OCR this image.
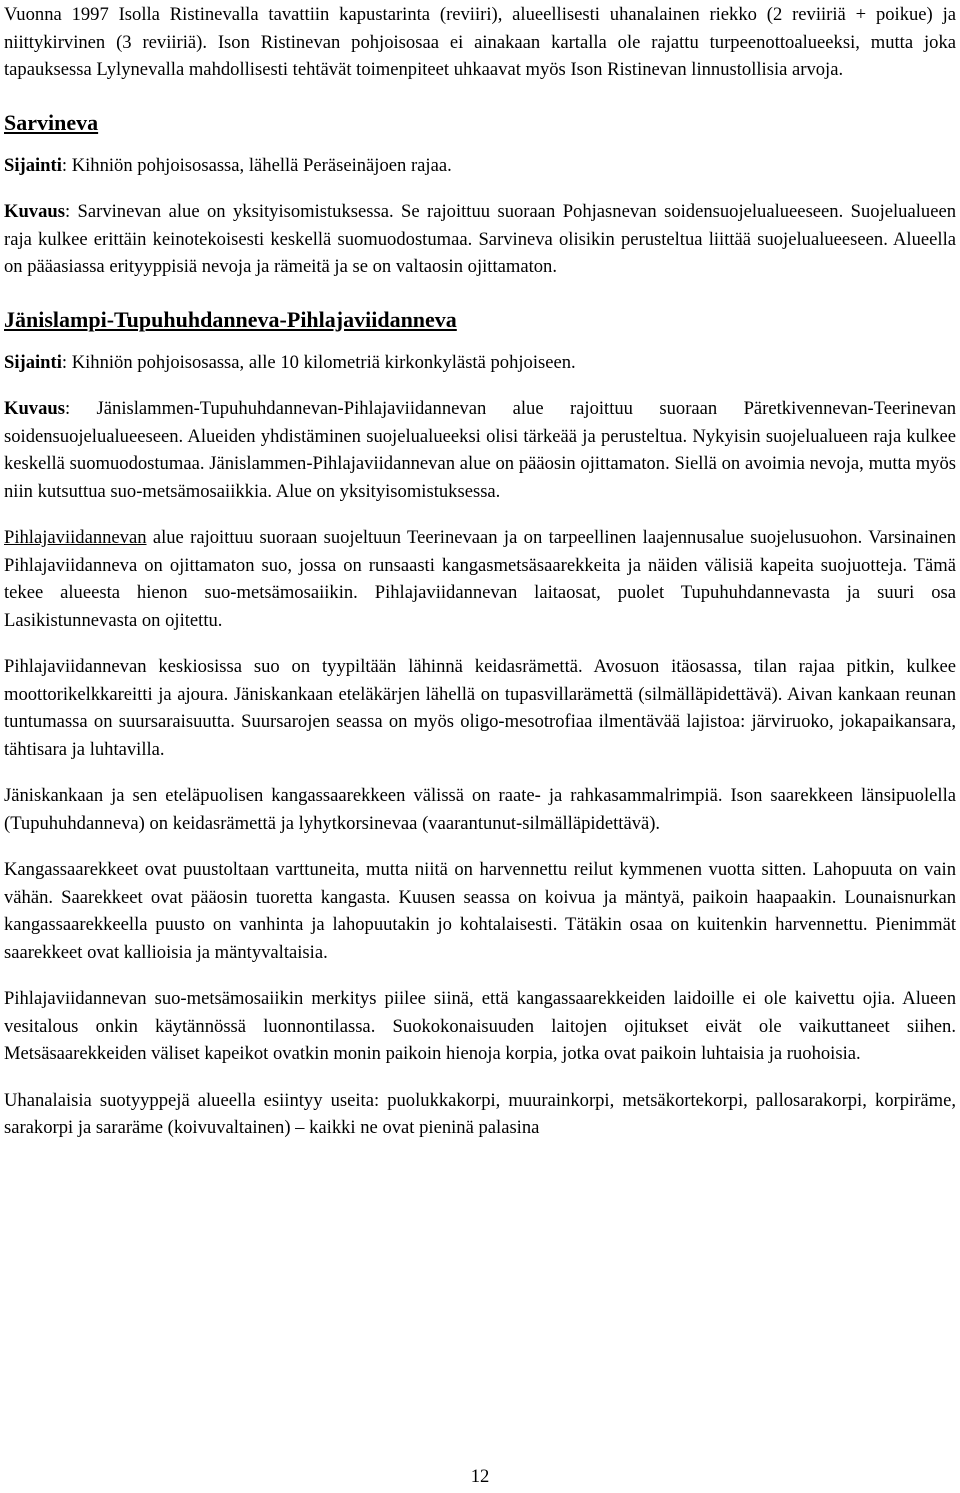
Vuonna 1997 Isolla Ristinevalla tavattiin kapustarinta (reviiri), alueellisesti uhanalainen riekko (2 reviiriä + poikue) ja niittykirvinen (3 reviiriä). Ison Ristinevan pohjoisosaa ei ainakaan kartalla ole rajattu turpeenottoalueeksi, mutta joka tapauksessa Lylynevalla mahdollisesti tehtävät toimenpiteet uhkaavat myös Ison Ristinevan linnustollisia arvoja.

Sarvineva

Sijainti: Kihniön pohjoisosassa, lähellä Peräseinäjoen rajaa.

Kuvaus: Sarvinevan alue on yksityisomistuksessa. Se rajoittuu suoraan Pohjasnevan soidensuojelualueeseen. Suojelualueen raja kulkee erittäin keinotekoisesti keskellä suomuodostumaa. Sarvineva olisikin perusteltua liittää suojelualueeseen. Alueella on pääasiassa erityyppisiä nevoja ja rämeitä ja se on valtaosin ojittamaton.

Jänislampi-Tupuhuhdanneva-Pihlajaviidanneva

Sijainti: Kihniön pohjoisosassa, alle 10 kilometriä kirkonkylästä pohjoiseen.

Kuvaus: Jänislammen-Tupuhuhdannevan-Pihlajaviidannevan alue rajoittuu suoraan Päretkivennevan-Teerinevan soidensuojelualueeseen. Alueiden yhdistäminen suojelualueeksi olisi tärkeää ja perusteltua. Nykyisin suojelualueen raja kulkee keskellä suomuodostumaa. Jänislammen-Pihlajaviidannevan alue on pääosin ojittamaton. Siellä on avoimia nevoja, mutta myös niin kutsuttua suo-metsämosaiikkia. Alue on yksityisomistuksessa.

Pihlajaviidannevan alue rajoittuu suoraan suojeltuun Teerinevaan ja on tarpeellinen laajennusalue suojelusuohon. Varsinainen Pihlajaviidanneva on ojittamaton suo, jossa on runsaasti kangasmetsäsaarekkeita ja näiden välisiä kapeita suojuotteja. Tämä tekee alueesta hienon suo-metsämosaiikin. Pihlajaviidannevan laitaosat, puolet Tupuhuhdannevasta ja suuri osa Lasikistunnevasta on ojitettu.

Pihlajaviidannevan keskiosissa suo on tyypiltään lähinnä keidasrämettä. Avosuon itäosassa, tilan rajaa pitkin, kulkee moottorikelkkareitti ja ajoura. Jäniskankaan eteläkärjen lähellä on tupasvillarämettä (silmälläpidettävä). Aivan kankaan reunan tuntumassa on suursaraisuutta. Suursarojen seassa on myös oligo-mesotrofiaa ilmentävää lajistoa: järviruoko, jokapaikansara, tähtisara ja luhtavilla.

Jäniskankaan ja sen eteläpuolisen kangassaarekkeen välissä on raate- ja rahkasammalrimpiä. Ison saarekkeen länsipuolella (Tupuhuhdanneva) on keidasrämettä ja lyhytkorsinevaa (vaarantunut-silmälläpidettävä).

Kangassaarekkeet ovat puustoltaan varttuneita, mutta niitä on harvennettu reilut kymmenen vuotta sitten. Lahopuuta on vain vähän. Saarekkeet ovat pääosin tuoretta kangasta. Kuusen seassa on koivua ja mäntyä, paikoin haapaakin. Lounaisnurkan kangassaarekkeella puusto on vanhinta ja lahopuutakin jo kohtalaisesti. Tätäkin osaa on kuitenkin harvennettu. Pienimmät saarekkeet ovat kallioisia ja mäntyvaltaisia.

Pihlajaviidannevan suo-metsämosaiikin merkitys piilee siinä, että kangassaarekkeiden laidoille ei ole kaivettu ojia. Alueen vesitalous onkin käytännössä luonnontilassa. Suokokonaisuuden laitojen ojitukset eivät ole vaikuttaneet siihen. Metsäsaarekkeiden väliset kapeikot ovatkin monin paikoin hienoja korpia, jotka ovat paikoin luhtaisia ja ruohoisia.

Uhanalaisia suotyyppejä alueella esiintyy useita: puolukkakorpi, muurainkorpi, metsäkortekorpi, pallosarakorpi, korpiräme, sarakorpi ja sararäme (koivuvaltainen) – kaikki ne ovat pieninä palasina

12
